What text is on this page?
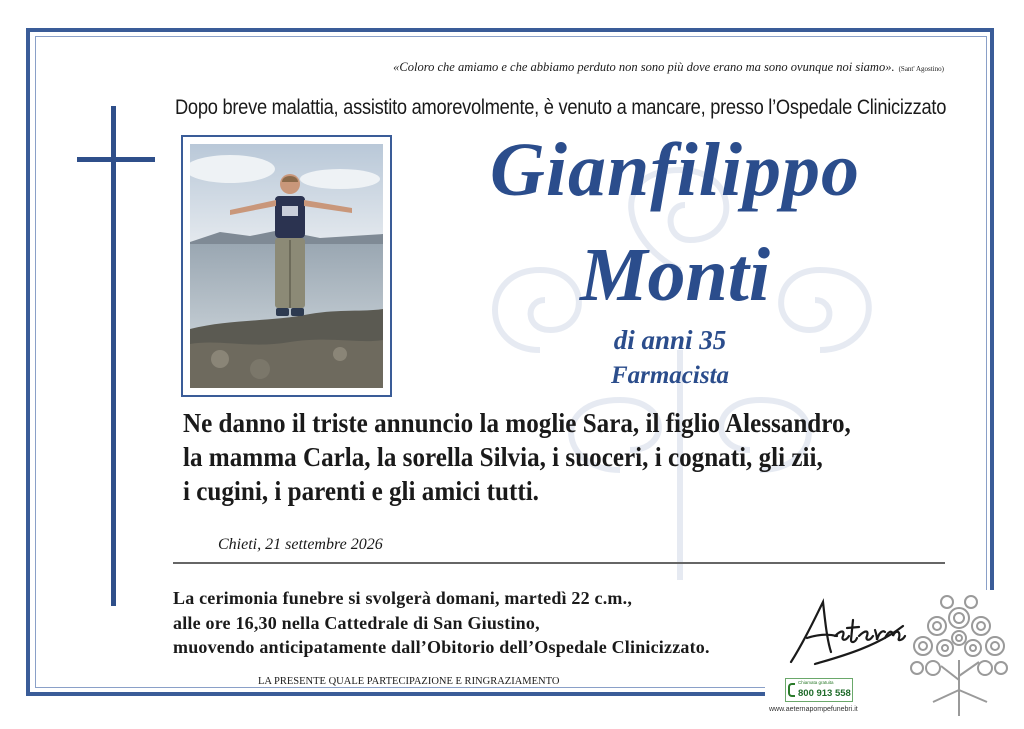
«Coloro che amiamo e che abbiamo perduto non sono più dove erano ma sono ovunque noi siamo». (Sant' Agostino)
Dopo breve malattia, assistito amorevolmente, è venuto a mancare, presso l’Ospedale Clinicizzato
Gianfilippo
Monti
di anni 35
Farmacista
Ne danno il triste annuncio la moglie Sara, il figlio Alessandro,
la mamma Carla, la sorella Silvia, i suoceri, i cognati, gli zii,
i cugini, i parenti e gli amici tutti.
Chieti, 21 settembre 2026
La cerimonia funebre si svolgerà domani, martedì 22 c.m.,
alle ore 16,30 nella Cattedrale di San Giustino,
muovendo anticipatamente dall’Obitorio dell’Ospedale Clinicizzato.
LA PRESENTE QUALE PARTECIPAZIONE E RINGRAZIAMENTO	Chiamata gratuita
800 913 558
www.aeternapompefunebri.it
